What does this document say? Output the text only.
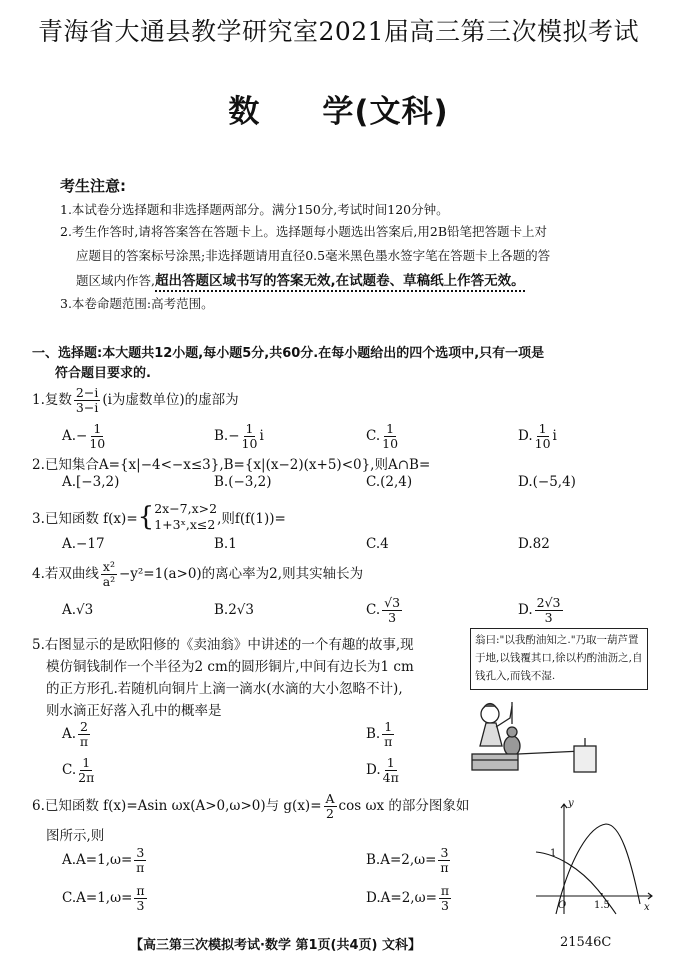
青海省大通县教学研究室2021届高三第三次模拟考试
数 学(文科)
考生注意:
1.本试卷分选择题和非选择题两部分。满分150分,考试时间120分钟。
2.考生作答时,请将答案答在答题卡上。选择题每小题选出答案后,用2B铅笔把答题卡上对
应题目的答案标号涂黑;非选择题请用直径0.5毫米黑色墨水签字笔在答题卡上各题的答
题区域内作答,超出答题区域书写的答案无效,在试题卷、草稿纸上作答无效。
3.本卷命题范围:高考范围。
一、选择题:本大题共12小题,每小题5分,共60分.在每小题给出的四个选项中,只有一项是
符合题目要求的.
1.复数 $\frac{2-i}{3-i} (i$为虚数单位)的虚部为
$A.- \frac{1}{10}$	$B.- \frac{1}{10}$ i	C. $\frac{1}{10}$	D. $\frac{1}{10}$ i
2.已知集合A={x|−4<−x≤3},B={x|(x−2)(x+5)<0},则A∩B=
A.[−3,2)	B.(−3,2)	C.(2,4)	D.(−5,4)
3.已知函数 f(x)={ 2x−7,x>2
1+3ˣ,x≤2 ,则f(f(1))=
A.−17	B.1	C.4	D.82
4.若双曲线 $\frac{\text{x²}}{\text{a²}} -y^2=1(a>0)$的离心率为2,则其实轴长为
A.√3	B.2√3	C. $\frac{√3}{3}$	D. $\frac{2√3}{3}$
5.右图显示的是欧阳修的《卖油翁》中讲述的一个有趣的故事,现
模仿铜钱制作一个半径为2 cm的圆形铜片,中间有边长为1 cm
的正方形孔.若随机向铜片上滴一滴水(水滴的大小忽略不计),
则水滴正好落入孔中的概率是
翁曰:"以我酌油知之."乃取一葫芦置于地,以钱覆其口,徐以杓酌油沥之,自钱孔入,而钱不湿.
A. $\frac{2}{\pi}$	B. $\frac{1}{\pi}$
C. $\frac{1}{2\pi}$	D. $\frac{1}{4\pi}$
6.已知函数 f(x)=Asin ωx(A>0,ω>0)与 $g(x)= \frac{A}{2}$ cos ωx 的部分图象如
图所示,则
$A.A=1,\omega= \frac{3}{\pi}$	$B.A=2,\omega= \frac{3}{\pi}$
$C.A=1,\omega= \frac{\pi}{3}$	$D.A=2,\omega= \frac{\pi}{3}$
y
x
O
1
1.5
【高三第三次模拟考试·数学 第1页(共4页) 文科】	21546C
